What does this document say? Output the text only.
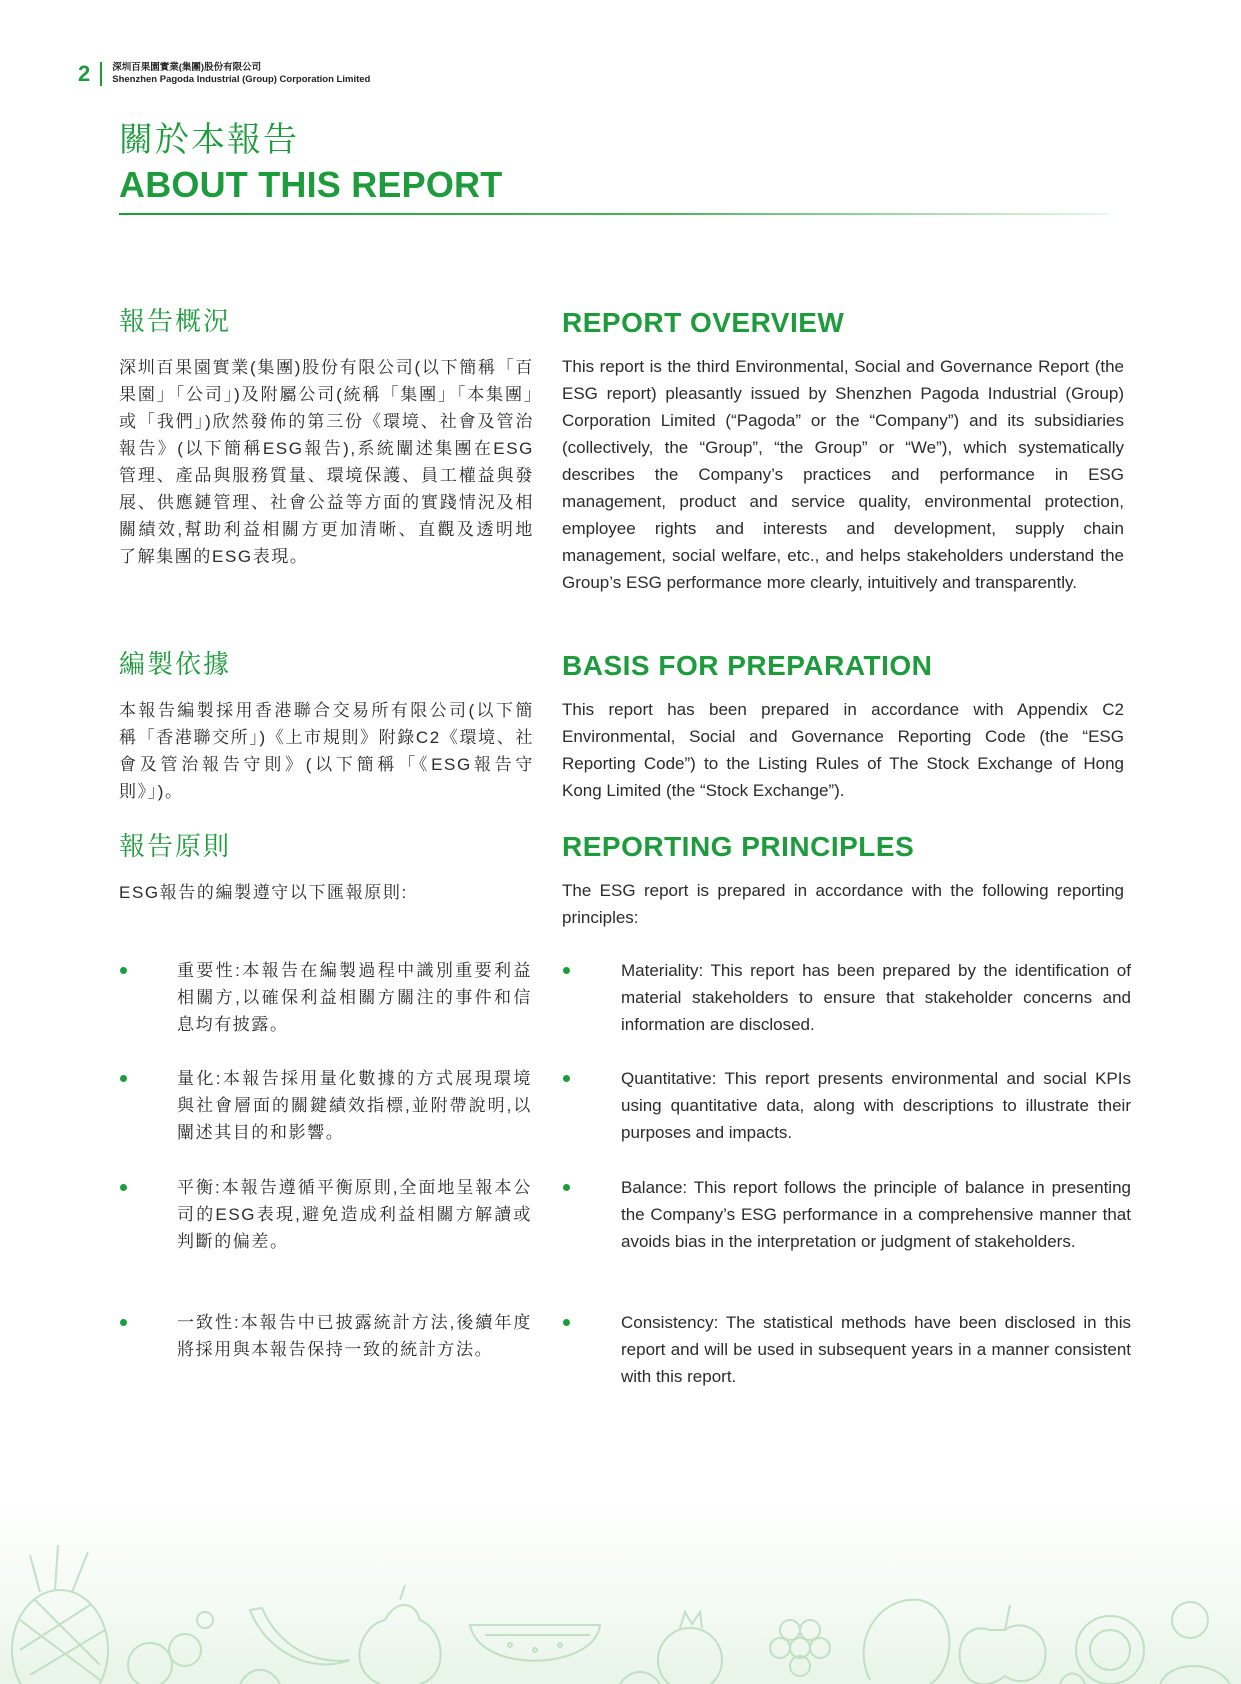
2 深圳百果園實業(集團)股份有限公司
Shenzhen Pagoda Industrial (Group) Corporation Limited
關於本報告
ABOUT THIS REPORT
報告概況
深圳百果園實業(集團)股份有限公司(以下簡稱「百果園」「公司」)及附屬公司(統稱「集團」「本集團」或「我們」)欣然發佈的第三份《環境、社會及管治報告》(以下簡稱ESG報告),系統闡述集團在ESG管理、產品與服務質量、環境保護、員工權益與發展、供應鏈管理、社會公益等方面的實踐情況及相關績效,幫助利益相關方更加清晰、直觀及透明地了解集團的ESG表現。
REPORT OVERVIEW
This report is the third Environmental, Social and Governance Report (the ESG report) pleasantly issued by Shenzhen Pagoda Industrial (Group) Corporation Limited (“Pagoda” or the “Company”) and its subsidiaries (collectively, the “Group”, “the Group” or “We”), which systematically describes the Company’s practices and performance in ESG management, product and service quality, environmental protection, employee rights and interests and development, supply chain management, social welfare, etc., and helps stakeholders understand the Group’s ESG performance more clearly, intuitively and transparently.
編製依據
本報告編製採用香港聯合交易所有限公司(以下簡稱「香港聯交所」)《上市規則》附錄C2《環境、社會及管治報告守則》(以下簡稱「《ESG報告守則》」)。
BASIS FOR PREPARATION
This report has been prepared in accordance with Appendix C2 Environmental, Social and Governance Reporting Code (the “ESG Reporting Code”) to the Listing Rules of The Stock Exchange of Hong Kong Limited (the “Stock Exchange”).
報告原則
ESG報告的編製遵守以下匯報原則:
REPORTING PRINCIPLES
The ESG report is prepared in accordance with the following reporting principles:
重要性:本報告在編製過程中識別重要利益相關方,以確保利益相關方關注的事件和信息均有披露。
量化:本報告採用量化數據的方式展現環境與社會層面的關鍵績效指標,並附帶說明,以闡述其目的和影響。
平衡:本報告遵循平衡原則,全面地呈報本公司的ESG表現,避免造成利益相關方解讀或判斷的偏差。
一致性:本報告中已披露統計方法,後續年度將採用與本報告保持一致的統計方法。
Materiality: This report has been prepared by the identification of material stakeholders to ensure that stakeholder concerns and information are disclosed.
Quantitative: This report presents environmental and social KPIs using quantitative data, along with descriptions to illustrate their purposes and impacts.
Balance: This report follows the principle of balance in presenting the Company’s ESG performance in a comprehensive manner that avoids bias in the interpretation or judgment of stakeholders.
Consistency: The statistical methods have been disclosed in this report and will be used in subsequent years in a manner consistent with this report.
